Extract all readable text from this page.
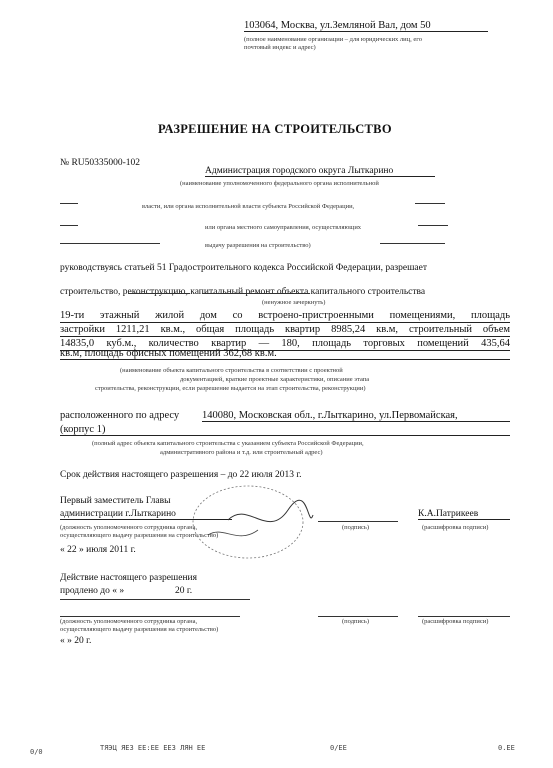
103064, Москва, ул.Земляной Вал, дом 50
(полное наименование организации – для юридических лиц, его
почтовый индекс и адрес)
РАЗРЕШЕНИЕ НА СТРОИТЕЛЬСТВО
№ RU50335000-102
Администрация городского округа Лыткарино
(наименование уполномоченного федерального органа исполнительной
власти, или органа исполнительной власти субъекта Российской Федерации,
или органа местного самоуправления, осуществляющих
выдачу разрешения на строительство)
руководствуясь статьей 51 Градостроительного кодекса Российской Федерации, разрешает
строительство, реконструкцию, капитальный ремонт объекта капитального строительства
(ненужное зачеркнуть)
19-ти этажный жилой дом со встроено-пристроенными помещениями, площадь
застройки 1211,21 кв.м., общая площадь квартир 8985,24 кв.м, строительный объем
14835,0 куб.м., количество квартир — 180, площадь торговых помещений 435,64
кв.м, площадь офисных помещений 362,68 кв.м.
(наименование объекта капитального строительства в соответствии с проектной
документацией, краткие проектные характеристики, описание этапа
строительства, реконструкции, если разрешение выдается на этап строительства, реконструкции)
расположенного по адресу 140080, Московская обл., г.Лыткарино, ул.Первомайская,
(корпус 1)
(полный адрес объекта капитального строительства с указанием субъекта Российской Федерации,
административного района и т.д. или строительный адрес)
Срок действия настоящего разрешения – до 22 июля 2013 г.
Первый заместитель Главы
администрации г.Лыткарино
(должность уполномоченного сотрудника органа,
осуществляющего выдачу разрешения на строительство)
« 22 » июля 2011 г.
(подпись)
К.А.Патрикеев
(расшифровка подписи)
Действие настоящего разрешения
продлено до « »	20 г.
(должность уполномоченного сотрудника органа,
осуществляющего выдачу разрешения на строительство)
(подпись)	(расшифровка подписи)
« » 20 г.
0/0	ТЯЭЦ ЯЕЗ ЕЕ:ЕЕ ЕЕЗ ЛЯН ЕЕ	0/ЕЕ	0.ЕЕ
